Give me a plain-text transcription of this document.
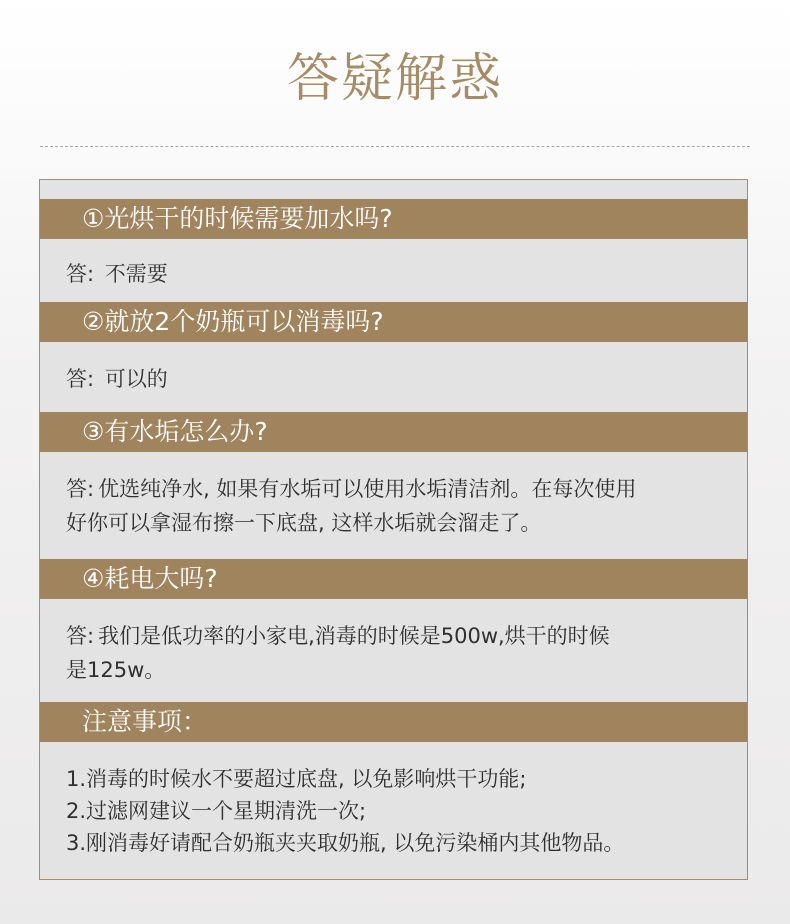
答疑解惑
①光烘干的时候需要加水吗?
答: 不需要
②就放2个奶瓶可以消毒吗?
答: 可以的
③有水垢怎么办?

答: 优选纯净水, 如果有水垢可以使用水垢清洁剂。在每次使用

好你可以拿湿布擦一下底盘, 这样水垢就会溜走了。

④耗电大吗?

答: 我们是低功率的小家电,消毒的时候是500w,烘干的时候

是125w。

注意事项：

1.消毒的时候水不要超过底盘, 以免影响烘干功能;

2.过滤网建议一个星期清洗一次;

3.刚消毒好请配合奶瓶夹夹取奶瓶, 以免污染桶内其他物品。
